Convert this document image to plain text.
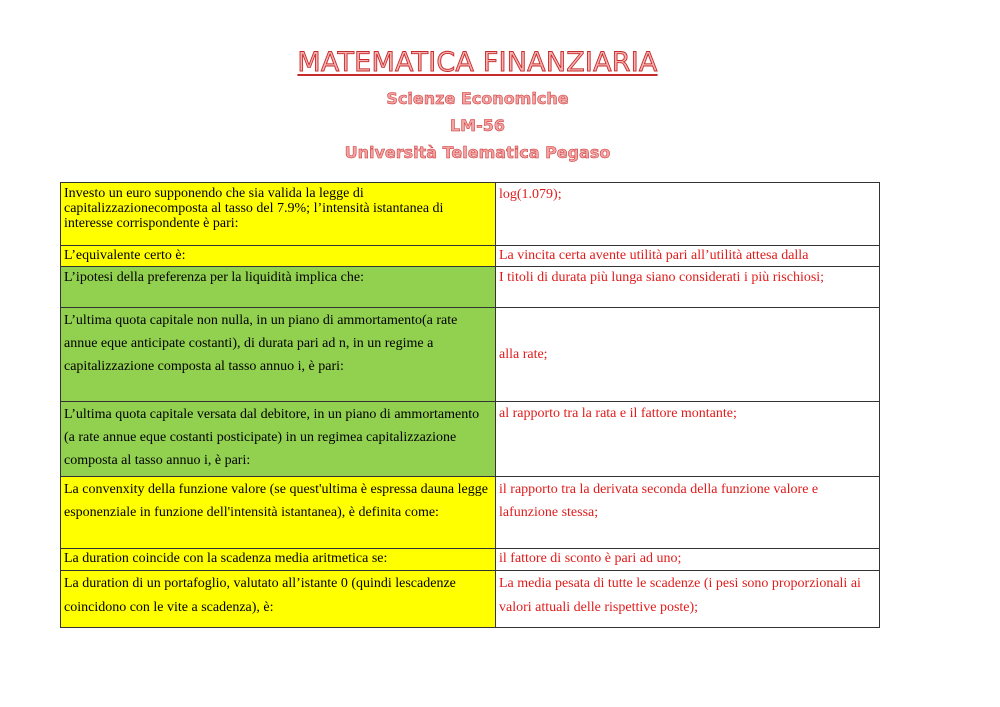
MATEMATICA FINANZIARIA
Scienze Economiche
LM-56
Università Telematica Pegaso
Investo un euro supponendo che sia valida la legge di capitalizzazionecomposta al tasso del 7.9%; l’intensità istantanea di interesse corrispondente è pari:	log(1.079);
L’equivalente certo è:	La vincita certa avente utilità pari all’utilità attesa dalla
L’ipotesi della preferenza per la liquidità implica che:	I titoli di durata più lunga siano considerati i più rischiosi;
L’ultima quota capitale non nulla, in un piano di ammortamento(a rate annue eque anticipate costanti), di durata pari ad n, in un regime a capitalizzazione composta al tasso annuo i, è pari:	alla rate;
L’ultima quota capitale versata dal debitore, in un piano di ammortamento (a rate annue eque costanti posticipate) in un regimea capitalizzazione composta al tasso annuo i, è pari:	al rapporto tra la rata e il fattore montante;
La convenxity della funzione valore (se quest'ultima è espressa dauna legge esponenziale in funzione dell'intensità istantanea), è definita come:	il rapporto tra la derivata seconda della funzione valore e lafunzione stessa;
La duration coincide con la scadenza media aritmetica se:	il fattore di sconto è pari ad uno;
La duration di un portafoglio, valutato all’istante 0 (quindi lescadenze coincidono con le vite a scadenza), è:	La media pesata di tutte le scadenze (i pesi sono proporzionali ai valori attuali delle rispettive poste);
